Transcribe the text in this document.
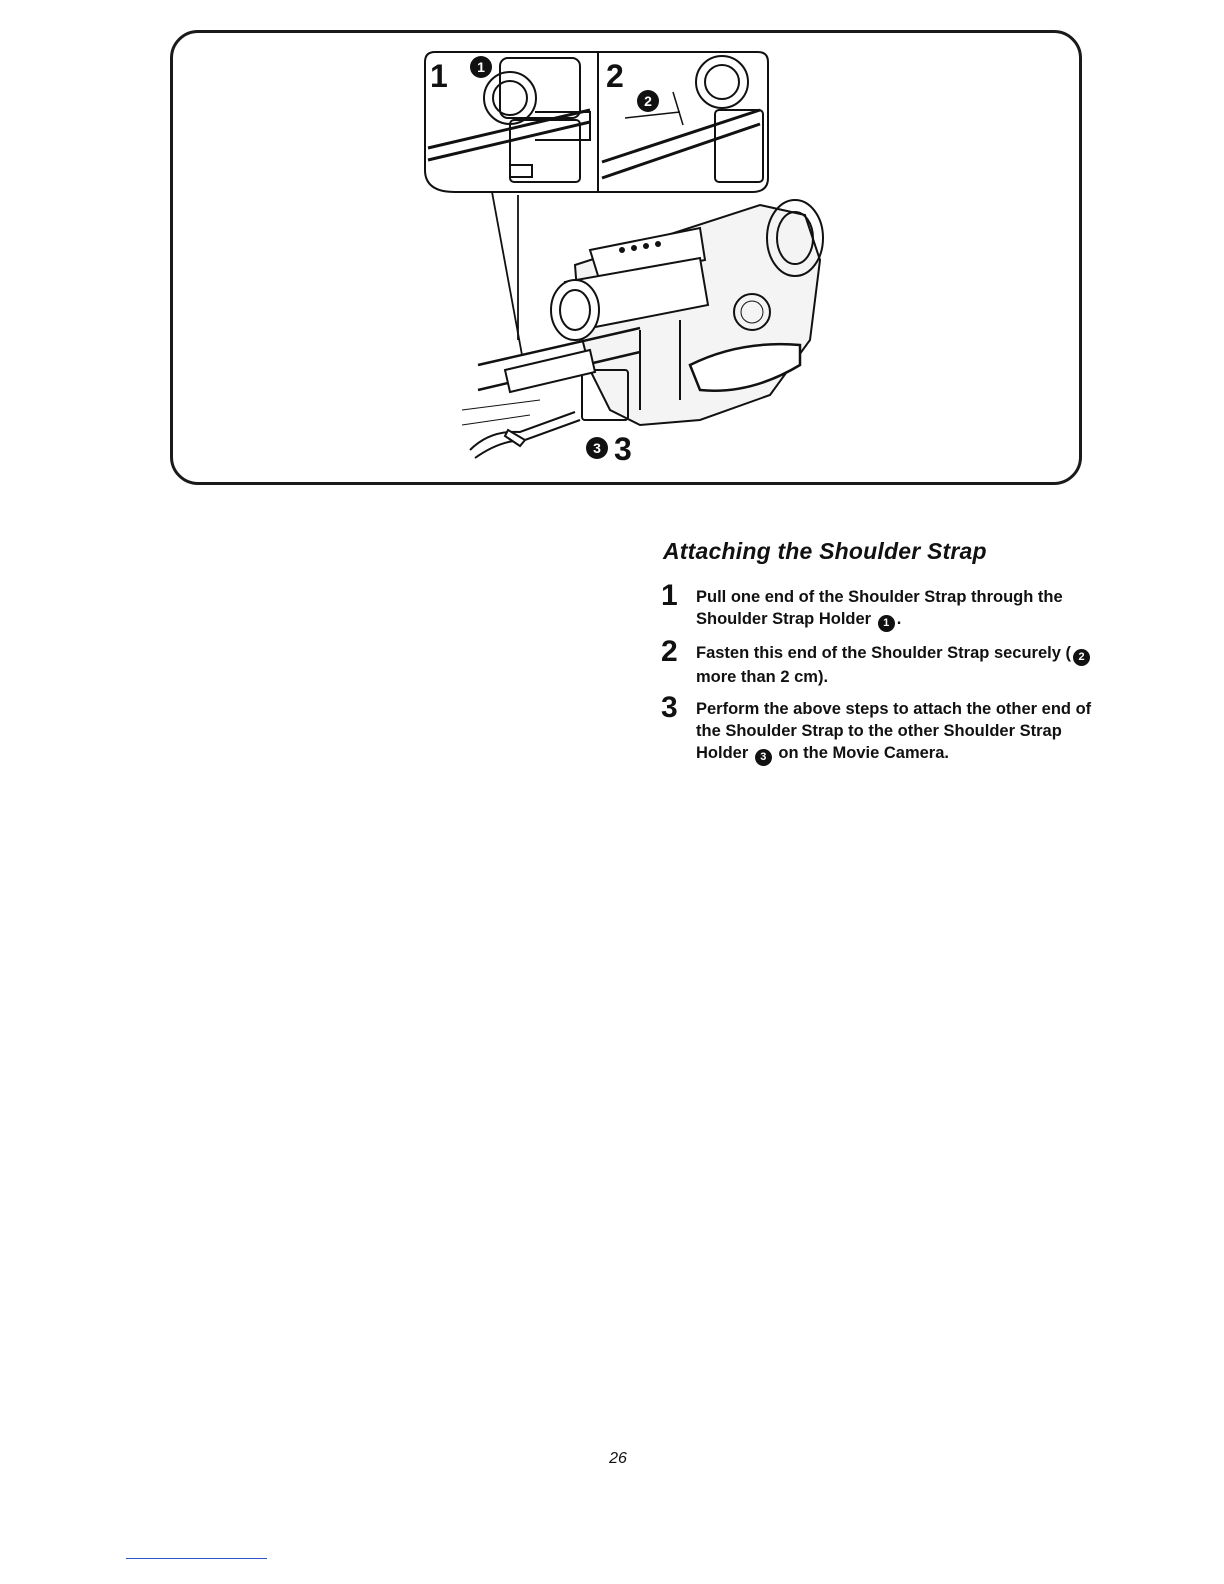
1	1	2
2
3 3
Attaching the Shoulder Strap
1	Pull one end of the Shoulder Strap through the Shoulder Strap Holder 1 .
2	Fasten this end of the Shoulder Strap securely ( 2 more than 2 cm).
3	Perform the above steps to attach the other end of the Shoulder Strap to the other Shoulder Strap Holder 3 on the Movie Camera.
26
